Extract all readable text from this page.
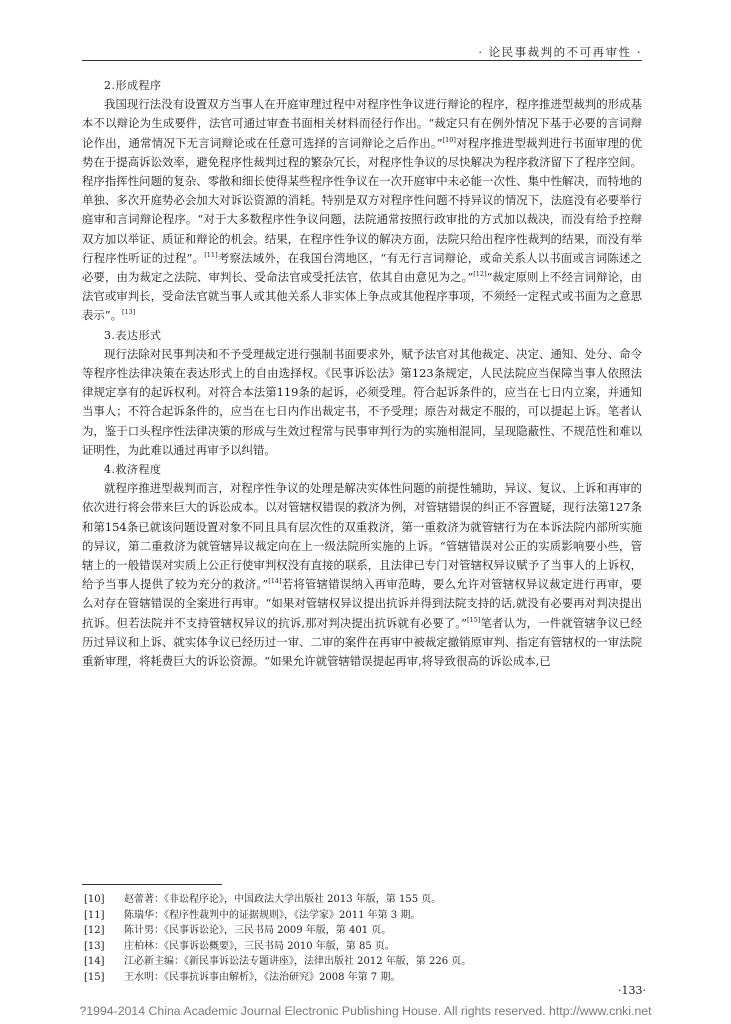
· 论民事裁判的不可再审性 ·
2.形成程序

我国现行法没有设置双方当事人在开庭审理过程中对程序性争议进行辩论的程序，程序推进型裁判的形成基本不以辩论为生成要件，法官可通过审查书面相关材料而径行作出。“裁定只有在例外情况下基于必要的言词辩论作出，通常情况下无言词辩论或在任意可选择的言词辩论之后作出。”[10]对程序推进型裁判进行书面审理的优势在于提高诉讼效率，避免程序性裁判过程的繁杂冗长，对程序性争议的尽快解决为程序救济留下了程序空间。程序指挥性问题的复杂、零散和细长使得某些程序性争议在一次开庭审中未必能一次性、集中性解决，而特地的单独、多次开庭势必会加大对诉讼资源的消耗。特别是双方对程序性问题不持异议的情况下，法庭没有必要举行庭审和言词辩论程序。“对于大多数程序性争议问题，法院通常按照行政审批的方式加以裁决，而没有给予控辩双方加以举证、质证和辩论的机会。结果，在程序性争议的解决方面，法院只给出程序性裁判的结果，而没有举行程序性听证的过程”。[11]考察法域外，在我国台湾地区，“有无行言词辩论，或命关系人以书面或言词陈述之必要，由为裁定之法院、审判长、受命法官或受托法官，依其自由意见为之。”[12]“裁定原则上不经言词辩论，由法官或审判长，受命法官就当事人或其他关系人非实体上争点或其他程序事项，不须经一定程式或书面为之意思表示”。[13]

3.表达形式

现行法除对民事判决和不予受理裁定进行强制书面要求外，赋予法官对其他裁定、决定、通知、处分、命令等程序性法律决策在表达形式上的自由选择权。《民事诉讼法》第123条规定，人民法院应当保障当事人依照法律规定享有的起诉权利。对符合本法第119条的起诉，必须受理。符合起诉条件的，应当在七日内立案，并通知当事人；不符合起诉条件的，应当在七日内作出裁定书，不予受理；原告对裁定不服的，可以提起上诉。笔者认为，鉴于口头程序性法律决策的形成与生效过程常与民事审判行为的实施相混同，呈现隐蔽性、不规范性和难以证明性，为此难以通过再审予以纠错。

4.救济程度

就程序推进型裁判而言，对程序性争议的处理是解决实体性问题的前提性辅助，异议、复议、上诉和再审的依次进行将会带来巨大的诉讼成本。以对管辖权错误的救济为例，对管辖错误的纠正不容置疑，现行法第127条和第154条已就该问题设置对象不同且具有层次性的双重救济，第一重救济为就管辖行为在本诉法院内部所实施的异议，第二重救济为就管辖异议裁定向在上一级法院所实施的上诉。“管辖错误对公正的实质影响要小些，管辖上的一般错误对实质上公正行使审判权没有直接的联系，且法律已专门对管辖权异议赋予了当事人的上诉权，给予当事人提供了较为充分的救济。”[14]若将管辖错误纳入再审范畴，要么允许对管辖权异议裁定进行再审，要么对存在管辖错误的全案进行再审。“如果对管辖权异议提出抗诉并得到法院支持的话,就没有必要再对判决提出抗诉。但若法院并不支持管辖权异议的抗诉,那对判决提出抗诉就有必要了。”[15]笔者认为，一件就管辖争议已经历过异议和上诉、就实体争议已经历过一审、二审的案件在再审中被裁定撤销原审判、指定有管辖权的一审法院重新审理，将耗费巨大的诉讼资源。“如果允许就管辖错误提起再审,将导致很高的诉讼成本,已

[10] 赵蕾著：《非讼程序论》，中国政法大学出版社 2013 年版，第 155 页。
[11] 陈瑞华：《程序性裁判中的证据规则》，《法学家》2011 年第 3 期。
[12] 陈计男：《民事诉讼论》，三民书局 2009 年版，第 401 页。
[13] 庄柏林：《民事诉讼概要》，三民书局 2010 年版，第 85 页。
[14] 江必新主编：《新民事诉讼法专题讲座》，法律出版社 2012 年版，第 226 页。
[15] 王水明：《民事抗诉事由解析》，《法治研究》2008 年第 7 期。
·133·
?1994-2014 China Academic Journal Electronic Publishing House. All rights reserved. http://www.cnki.net
